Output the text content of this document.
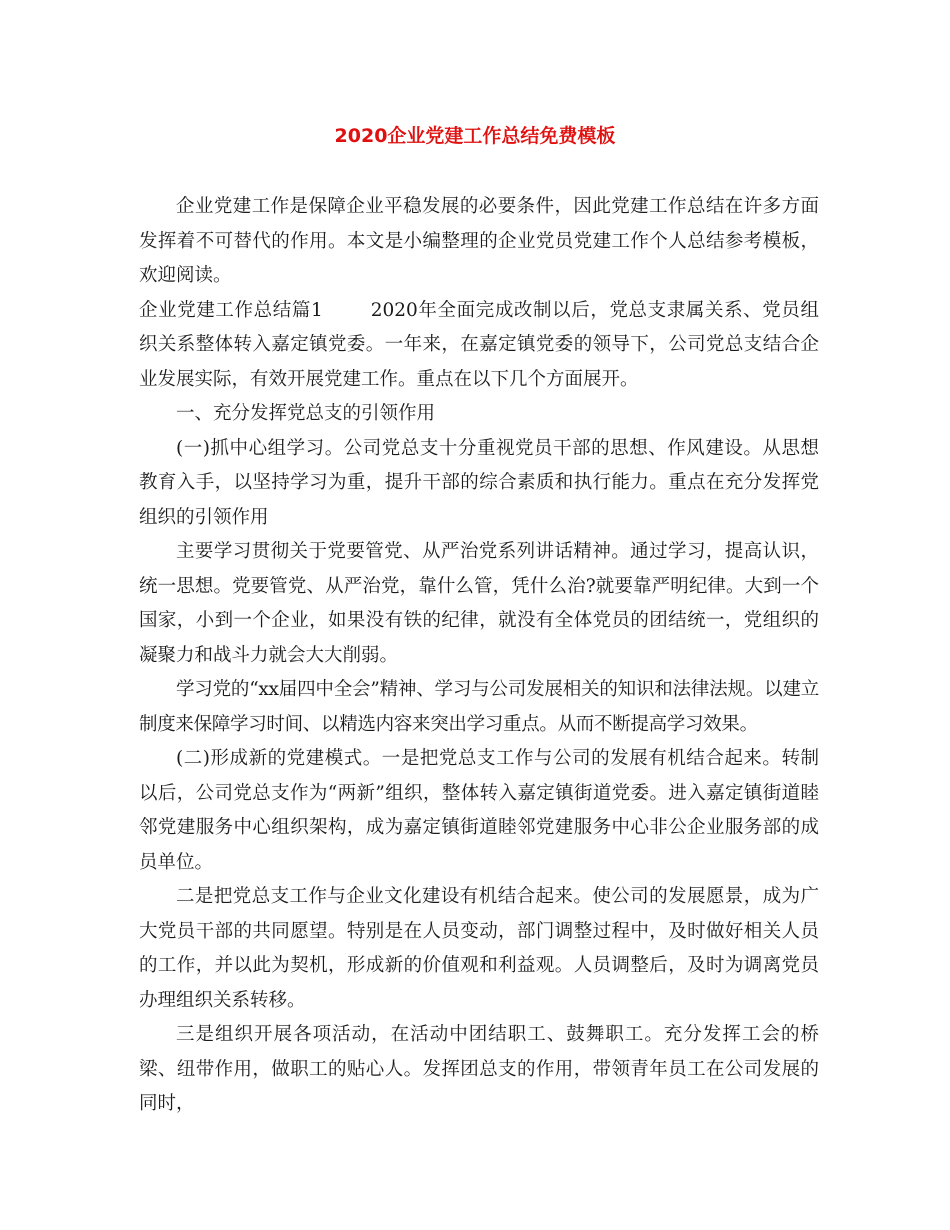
2020企业党建工作总结免费模板

企业党建工作是保障企业平稳发展的必要条件，因此党建工作总结在许多方面发挥着不可替代的作用。本文是小编整理的企业党员党建工作个人总结参考模板，欢迎阅读。

企业党建工作总结篇1	2020年全面完成改制以后，党总支隶属关系、党员组织关系整体转入嘉定镇党委。一年来，在嘉定镇党委的领导下，公司党总支结合企业发展实际，有效开展党建工作。重点在以下几个方面展开。

一、充分发挥党总支的引领作用

(一)抓中心组学习。公司党总支十分重视党员干部的思想、作风建设。从思想教育入手，以坚持学习为重，提升干部的综合素质和执行能力。重点在充分发挥党组织的引领作用

主要学习贯彻关于党要管党、从严治党系列讲话精神。通过学习，提高认识，统一思想。党要管党、从严治党，靠什么管，凭什么治?就要靠严明纪律。大到一个国家，小到一个企业，如果没有铁的纪律，就没有全体党员的团结统一，党组织的凝聚力和战斗力就会大大削弱。

学习党的“xx届四中全会”精神、学习与公司发展相关的知识和法律法规。以建立制度来保障学习时间、以精选内容来突出学习重点。从而不断提高学习效果。

(二)形成新的党建模式。一是把党总支工作与公司的发展有机结合起来。转制以后，公司党总支作为“两新”组织，整体转入嘉定镇街道党委。进入嘉定镇街道睦邻党建服务中心组织架构，成为嘉定镇街道睦邻党建服务中心非公企业服务部的成员单位。

二是把党总支工作与企业文化建设有机结合起来。使公司的发展愿景，成为广大党员干部的共同愿望。特别是在人员变动，部门调整过程中，及时做好相关人员的工作，并以此为契机，形成新的价值观和利益观。人员调整后，及时为调离党员办理组织关系转移。

三是组织开展各项活动，在活动中团结职工、鼓舞职工。充分发挥工会的桥梁、纽带作用，做职工的贴心人。发挥团总支的作用，带领青年员工在公司发展的同时，
